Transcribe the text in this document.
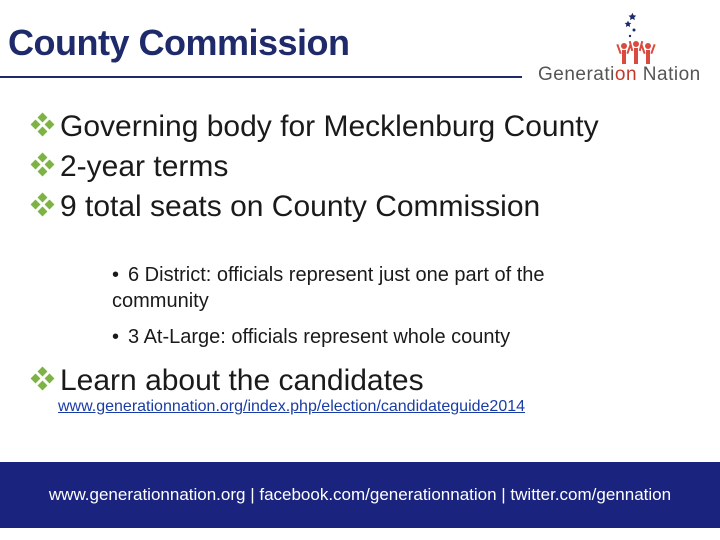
County Commission
Generation Nation
Governing body for Mecklenburg County
2-year terms
9 total seats on County Commission
• 6 District: officials represent just one part of the community
• 3 At-Large: officials represent whole county
Learn about the candidates
www.generationnation.org/index.php/election/candidateguide2014
www.generationnation.org | facebook.com/generationnation | twitter.com/gennation
